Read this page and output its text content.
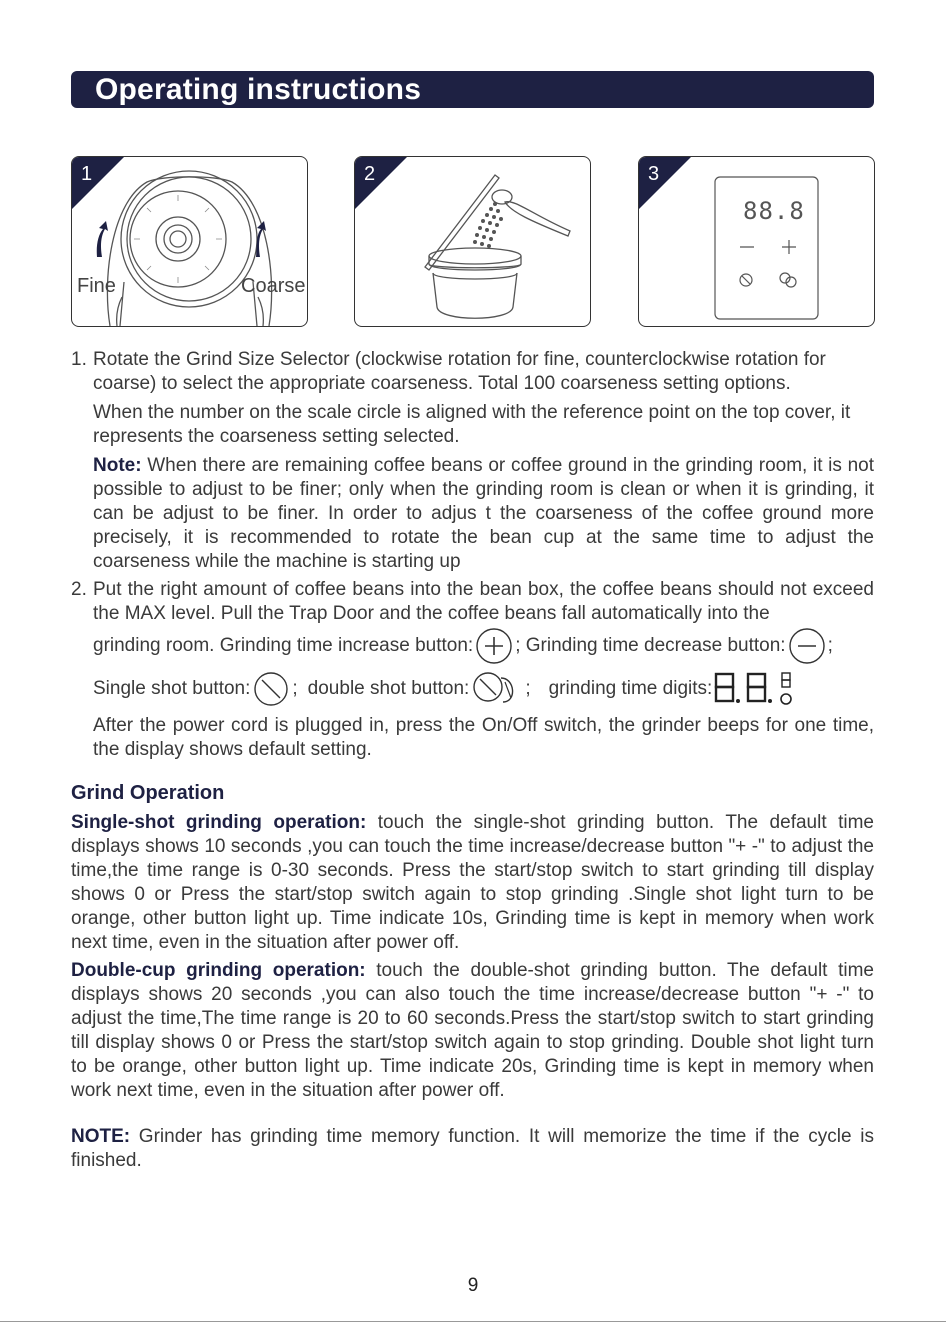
Operating instructions
1
Fine	Coarse
2
88.8
3
1. Rotate the Grind Size Selector (clockwise rotation for fine, counterclockwise rotation for coarse) to select the appropriate coarseness. Total 100 coarseness setting options.
When the number on the scale circle is aligned with the reference point on the top cover, it represents the coarseness setting selected.
Note: When there are remaining coffee beans or coffee ground in the grinding room, it is not possible to adjust to be finer; only when the grinding room is clean or when it is grinding, it can be adjust to be finer. In order to adjus t the coarseness of the coffee ground more precisely, it is recommended to rotate the bean cup at the same time to adjust the coarseness while the machine is starting up
2. Put the right amount of coffee beans into the bean box, the coffee beans should not exceed the MAX level. Pull the Trap Door and the coffee beans fall automatically into the
grinding room. Grinding time increase button: ; Grinding time decrease button: ;
Single shot button: ; double shot button:	; grinding time digits:
After the power cord is plugged in, press the On/Off switch, the grinder beeps for one time, the display shows default setting.
Grind Operation
Single-shot grinding operation: touch the single-shot grinding button. The default time displays shows 10 seconds ,you can touch the time increase/decrease button "+ -" to adjust the time,the time range is 0-30 seconds. Press the start/stop switch to start grinding till display shows 0 or Press the start/stop switch again to stop grinding .Single shot light turn to be orange, other button light up. Time indicate 10s, Grinding time is kept in memory when work next time, even in the situation after power off.
Double-cup grinding operation: touch the double-shot grinding button. The default time displays shows 20 seconds ,you can also touch the time increase/decrease button "+ -" to adjust the time,The time range is 20 to 60 seconds.Press the start/stop switch to start grinding till display shows 0 or Press the start/stop switch again to stop grinding. Double shot light turn to be orange, other button light up. Time indicate 20s, Grinding time is kept in memory when work next time, even in the situation after power off.
NOTE: Grinder has grinding time memory function. It will memorize the time if the cycle is finished.
9
